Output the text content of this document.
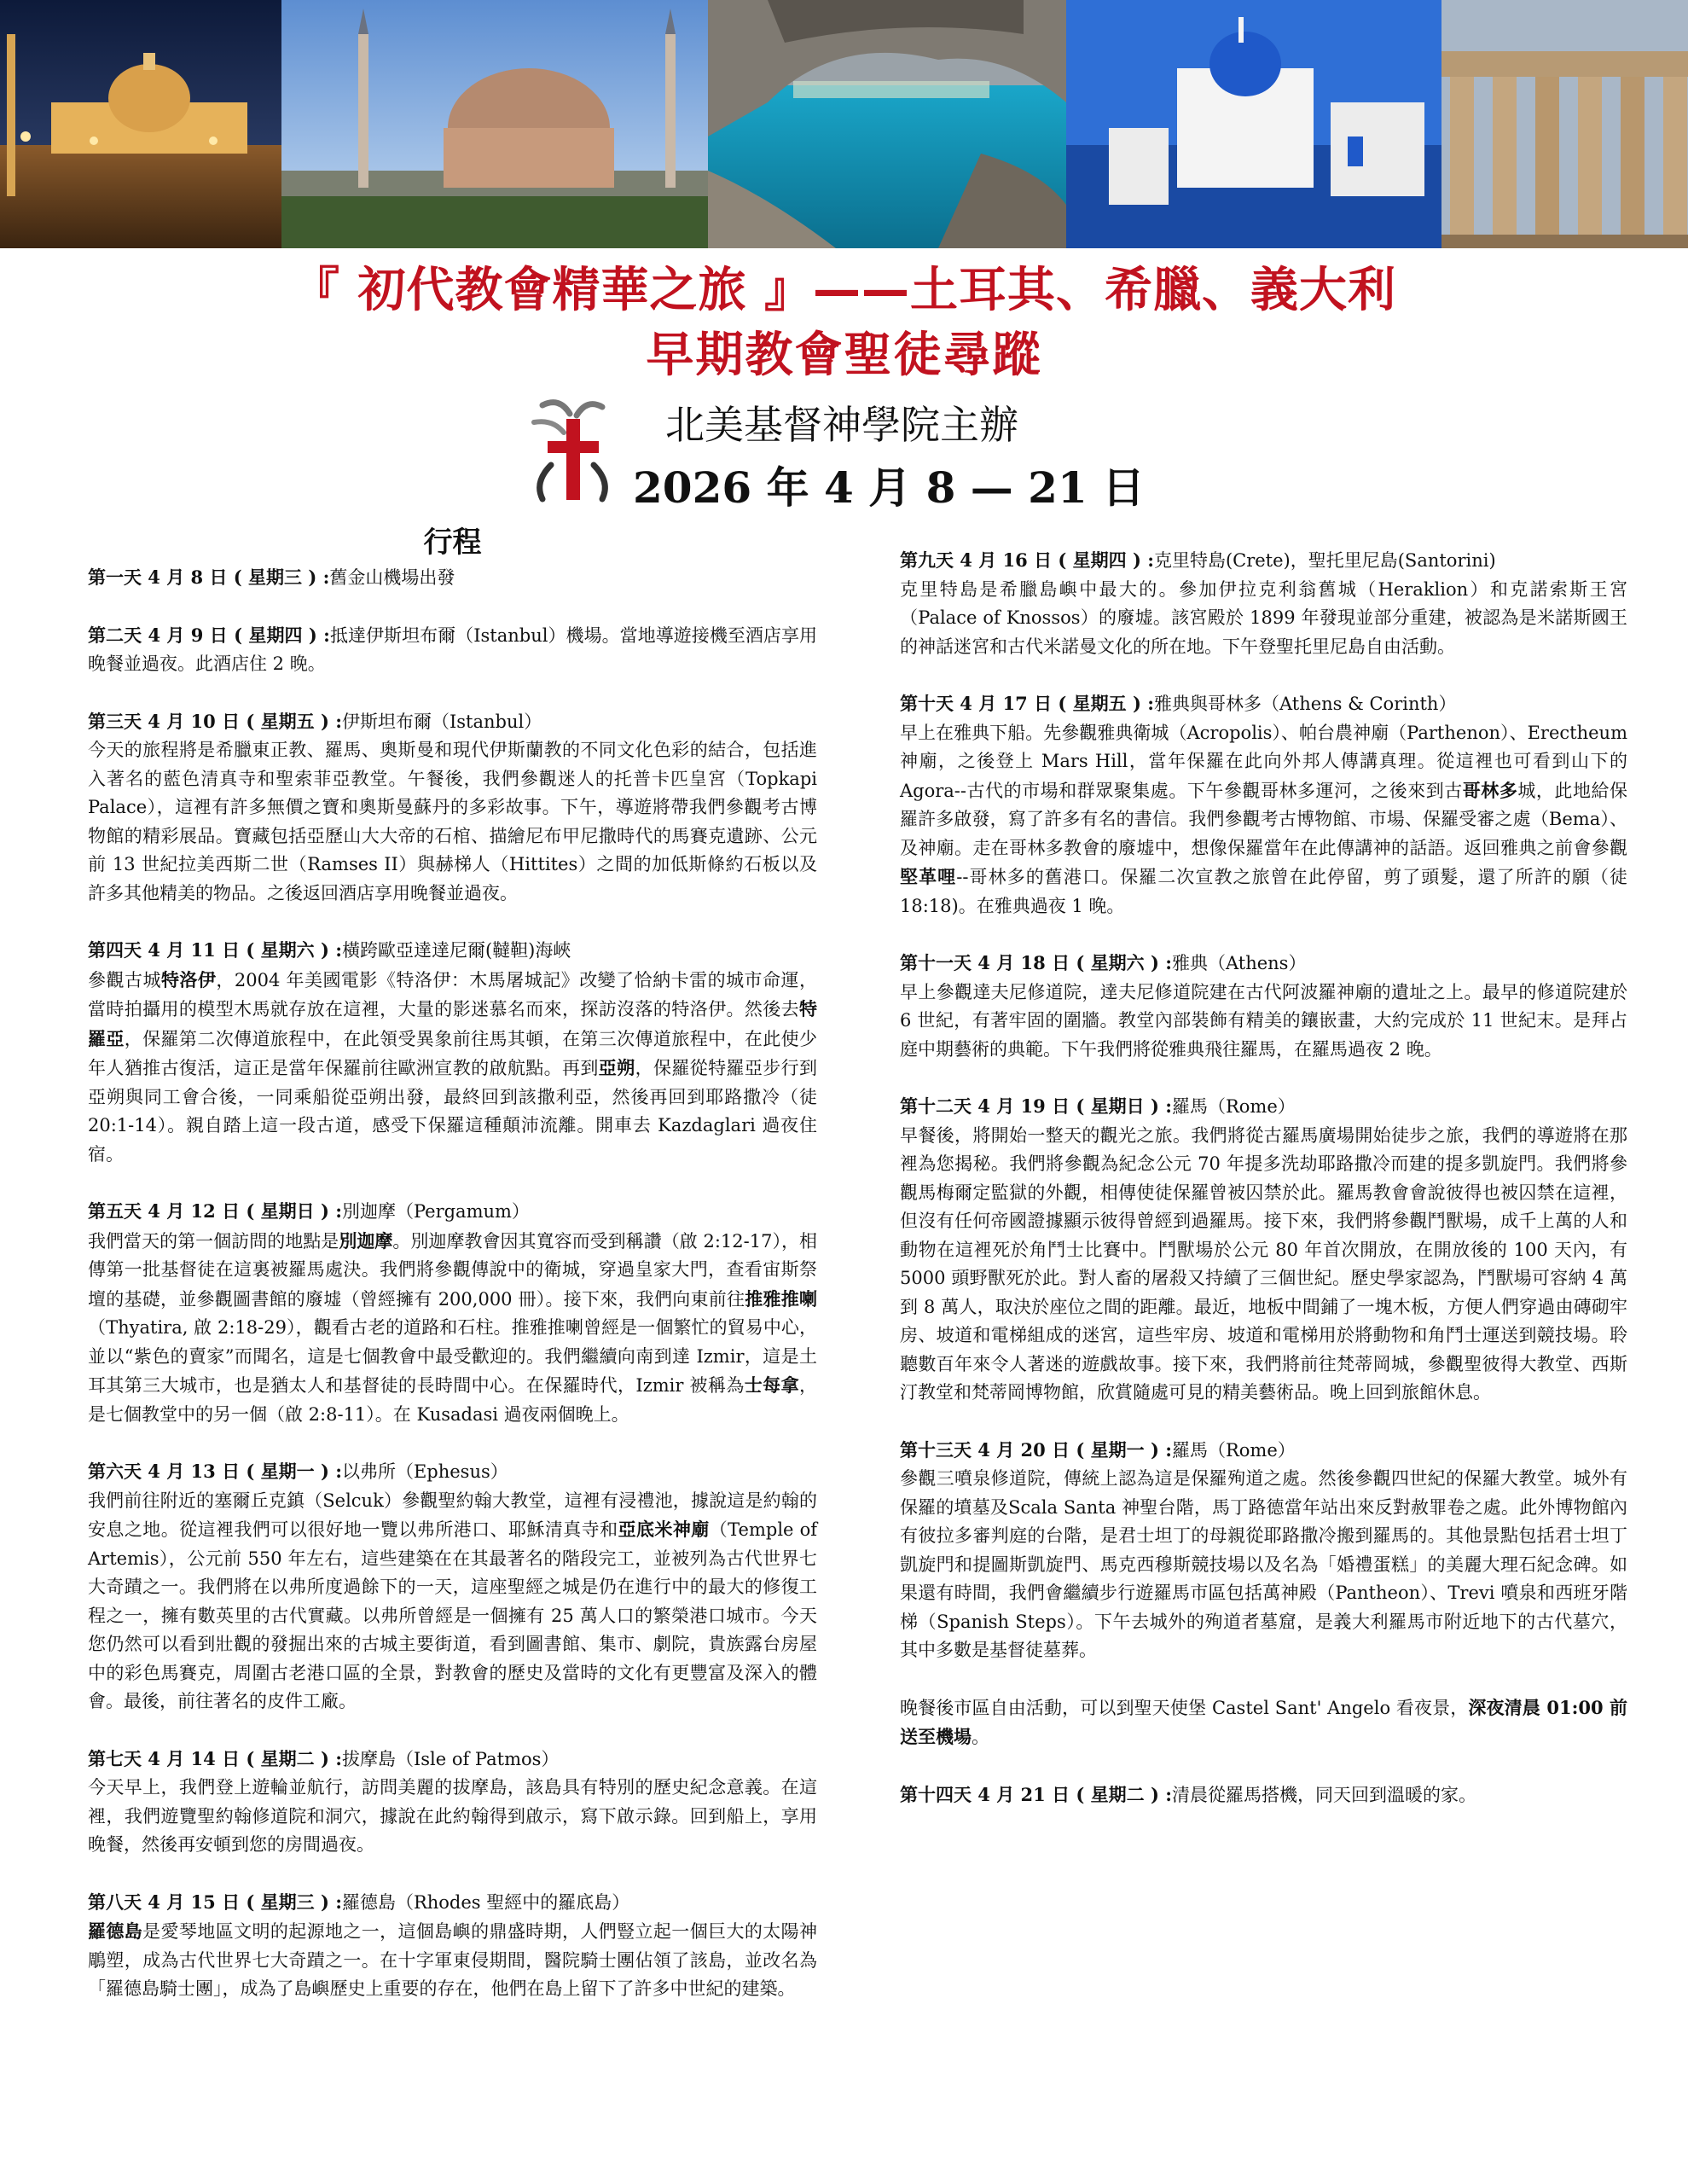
『 初代教會精華之旅 』——土耳其、希臘、義大利
早期教會聖徒尋蹤
北美基督神學院主辦
2026 年 4 月 8 — 21 日
行程

第一天 4 月 8 日 ( 星期三 ) :舊金山機場出發

第二天 4 月 9 日 ( 星期四 ) :抵達伊斯坦布爾（Istanbul）機場。當地導遊接機至酒店享用晚餐並過夜。此酒店住 2 晚。

第三天 4 月 10 日 ( 星期五 ) :伊斯坦布爾（Istanbul）

今天的旅程將是希臘東正教、羅馬、奧斯曼和現代伊斯蘭教的不同文化色彩的結合，包括進入著名的藍色清真寺和聖索菲亞教堂。午餐後，我們參觀迷人的托普卡匹皇宮（Topkapi Palace），這裡有許多無價之寶和奧斯曼蘇丹的多彩故事。下午，導遊將帶我們參觀考古博物館的精彩展品。寶藏包括亞歷山大大帝的石棺、描繪尼布甲尼撒時代的馬賽克遺跡、公元前 13 世紀拉美西斯二世（Ramses II）與赫梯人（Hittites）之間的加低斯條約石板以及許多其他精美的物品。之後返回酒店享用晚餐並過夜。

第四天 4 月 11 日 ( 星期六 ) :橫跨歐亞達達尼爾(韃靼)海峽

參觀古城特洛伊，2004 年美國電影《特洛伊：木馬屠城記》改變了恰納卡雷的城市命運，當時拍攝用的模型木馬就存放在這裡，大量的影迷慕名而來，探訪沒落的特洛伊。然後去特羅亞，保羅第二次傳道旅程中，在此領受異象前往馬其頓，在第三次傳道旅程中，在此使少年人猶推古復活，這正是當年保羅前往歐洲宣教的啟航點。再到亞朔，保羅從特羅亞步行到亞朔與同工會合後，一同乘船從亞朔出發，最終回到該撒利亞，然後再回到耶路撒冷（徒 20:1-14）。親自踏上這一段古道，感受下保羅這種顛沛流離。開車去 Kazdaglari 過夜住宿。

第五天 4 月 12 日 ( 星期日 ) :別迦摩（Pergamum）

我們當天的第一個訪問的地點是別迦摩。別迦摩教會因其寬容而受到稱讚（啟 2:12-17），相傳第一批基督徒在這裏被羅馬處決。我們將參觀傳說中的衛城，穿過皇家大門，查看宙斯祭壇的基礎，並參觀圖書館的廢墟（曾經擁有 200,000 冊）。接下來，我們向東前往推雅推喇（Thyatira, 啟 2:18-29），觀看古老的道路和石柱。推雅推喇曾經是一個繁忙的貿易中心，並以“紫色的賣家”而聞名，這是七個教會中最受歡迎的。我們繼續向南到達 Izmir，這是土耳其第三大城市，也是猶太人和基督徒的長時間中心。在保羅時代，Izmir 被稱為士每拿，是七個教堂中的另一個（啟 2:8-11）。在 Kusadasi 過夜兩個晚上。

第六天 4 月 13 日 ( 星期一 ) :以弗所（Ephesus）

我們前往附近的塞爾丘克鎮（Selcuk）參觀聖約翰大教堂，這裡有浸禮池，據說這是約翰的安息之地。從這裡我們可以很好地一覽以弗所港口、耶穌清真寺和亞底米神廟（Temple of Artemis），公元前 550 年左右，這些建築在在其最著名的階段完工，並被列為古代世界七大奇蹟之一。我們將在以弗所度過餘下的一天，這座聖經之城是仍在進行中的最大的修復工程之一，擁有數英里的古代實藏。以弗所曾經是一個擁有 25 萬人口的繁榮港口城市。今天您仍然可以看到壯觀的發掘出來的古城主要街道，看到圖書館、集市、劇院，貴族露台房屋中的彩色馬賽克，周圍古老港口區的全景，對教會的歷史及當時的文化有更豐富及深入的體會。最後，前往著名的皮件工廠。

第七天 4 月 14 日 ( 星期二 ) :拔摩島（Isle of Patmos）

今天早上，我們登上遊輪並航行，訪問美麗的拔摩島，該島具有特別的歷史紀念意義。在這裡，我們遊覽聖約翰修道院和洞穴，據說在此約翰得到啟示，寫下啟示錄。回到船上，享用晚餐，然後再安頓到您的房間過夜。

第八天 4 月 15 日 ( 星期三 ) :羅德島（Rhodes 聖經中的羅底島）

羅德島是愛琴地區文明的起源地之一，這個島嶼的鼎盛時期，人們豎立起一個巨大的太陽神鵰塑，成為古代世界七大奇蹟之一。在十字軍東侵期間，醫院騎士團佔領了該島，並改名為「羅德島騎士團」，成為了島嶼歷史上重要的存在，他們在島上留下了許多中世紀的建築。

第九天 4 月 16 日 ( 星期四 ) :克里特島(Crete)，聖托里尼島(Santorini)

克里特島是希臘島嶼中最大的。參加伊拉克利翁舊城（Heraklion）和克諾索斯王宮（Palace of Knossos）的廢墟。該宮殿於 1899 年發現並部分重建，被認為是米諾斯國王的神話迷宮和古代米諾曼文化的所在地。下午登聖托里尼島自由活動。

第十天 4 月 17 日 ( 星期五 ) :雅典與哥林多（Athens & Corinth）

早上在雅典下船。先參觀雅典衛城（Acropolis）、帕台農神廟（Parthenon）、Erectheum 神廟，之後登上 Mars Hill，當年保羅在此向外邦人傳講真理。從這裡也可看到山下的 Agora--古代的市場和群眾聚集處。下午參觀哥林多運河，之後來到古哥林多城，此地給保羅許多啟發，寫了許多有名的書信。我們參觀考古博物館、市場、保羅受審之處（Bema）、及神廟。走在哥林多教會的廢墟中，想像保羅當年在此傳講神的話語。返回雅典之前會參觀堅革哩--哥林多的舊港口。保羅二次宣教之旅曾在此停留，剪了頭髮，還了所許的願（徒 18:18)。在雅典過夜 1 晚。

第十一天 4 月 18 日 ( 星期六 ) :雅典（Athens）

早上參觀達夫尼修道院，達夫尼修道院建在古代阿波羅神廟的遺址之上。最早的修道院建於 6 世紀，有著牢固的圍牆。教堂內部裝飾有精美的鑲嵌畫，大約完成於 11 世紀末。是拜占庭中期藝術的典範。下午我們將從雅典飛往羅馬，在羅馬過夜 2 晚。

第十二天 4 月 19 日 ( 星期日 ) :羅馬（Rome）

早餐後，將開始一整天的觀光之旅。我們將從古羅馬廣場開始徒步之旅，我們的導遊將在那裡為您揭秘。我們將參觀為紀念公元 70 年提多洗劫耶路撒冷而建的提多凱旋門。我們將參觀馬梅爾定監獄的外觀，相傳使徒保羅曾被囚禁於此。羅馬教會會說彼得也被囚禁在這裡，但沒有任何帝國證據顯示彼得曾經到過羅馬。接下來，我們將參觀鬥獸場，成千上萬的人和動物在這裡死於角鬥士比賽中。鬥獸場於公元 80 年首次開放，在開放後的 100 天內，有 5000 頭野獸死於此。對人畜的屠殺又持續了三個世紀。歷史學家認為，鬥獸場可容納 4 萬到 8 萬人，取決於座位之間的距離。最近，地板中間鋪了一塊木板，方便人們穿過由磚砌牢房、坡道和電梯組成的迷宮，這些牢房、坡道和電梯用於將動物和角鬥士運送到競技場。聆聽數百年來令人著迷的遊戲故事。接下來，我們將前往梵蒂岡城，參觀聖彼得大教堂、西斯汀教堂和梵蒂岡博物館，欣賞隨處可見的精美藝術品。晚上回到旅館休息。

第十三天 4 月 20 日 ( 星期一 ) :羅馬（Rome）

參觀三噴泉修道院，傳統上認為這是保羅殉道之處。然後參觀四世紀的保羅大教堂。城外有保羅的墳墓及Scala Santa 神聖台階，馬丁路德當年站出來反對赦罪卷之處。此外博物館內有彼拉多審判庭的台階，是君士坦丁的母親從耶路撒冷搬到羅馬的。其他景點包括君士坦丁凱旋門和提圖斯凱旋門、馬克西穆斯競技場以及名為「婚禮蛋糕」的美麗大理石紀念碑。如果還有時間，我們會繼續步行遊羅馬市區包括萬神殿（Pantheon）、Trevi 噴泉和西班牙階梯（Spanish Steps）。下午去城外的殉道者墓窟，是義大利羅馬市附近地下的古代墓穴，其中多數是基督徒墓葬。

晚餐後市區自由活動，可以到聖天使堡 Castel Sant' Angelo 看夜景，深夜清晨 01:00 前送至機場。

第十四天 4 月 21 日 ( 星期二 ) :清晨從羅馬搭機，同天回到溫暖的家。
